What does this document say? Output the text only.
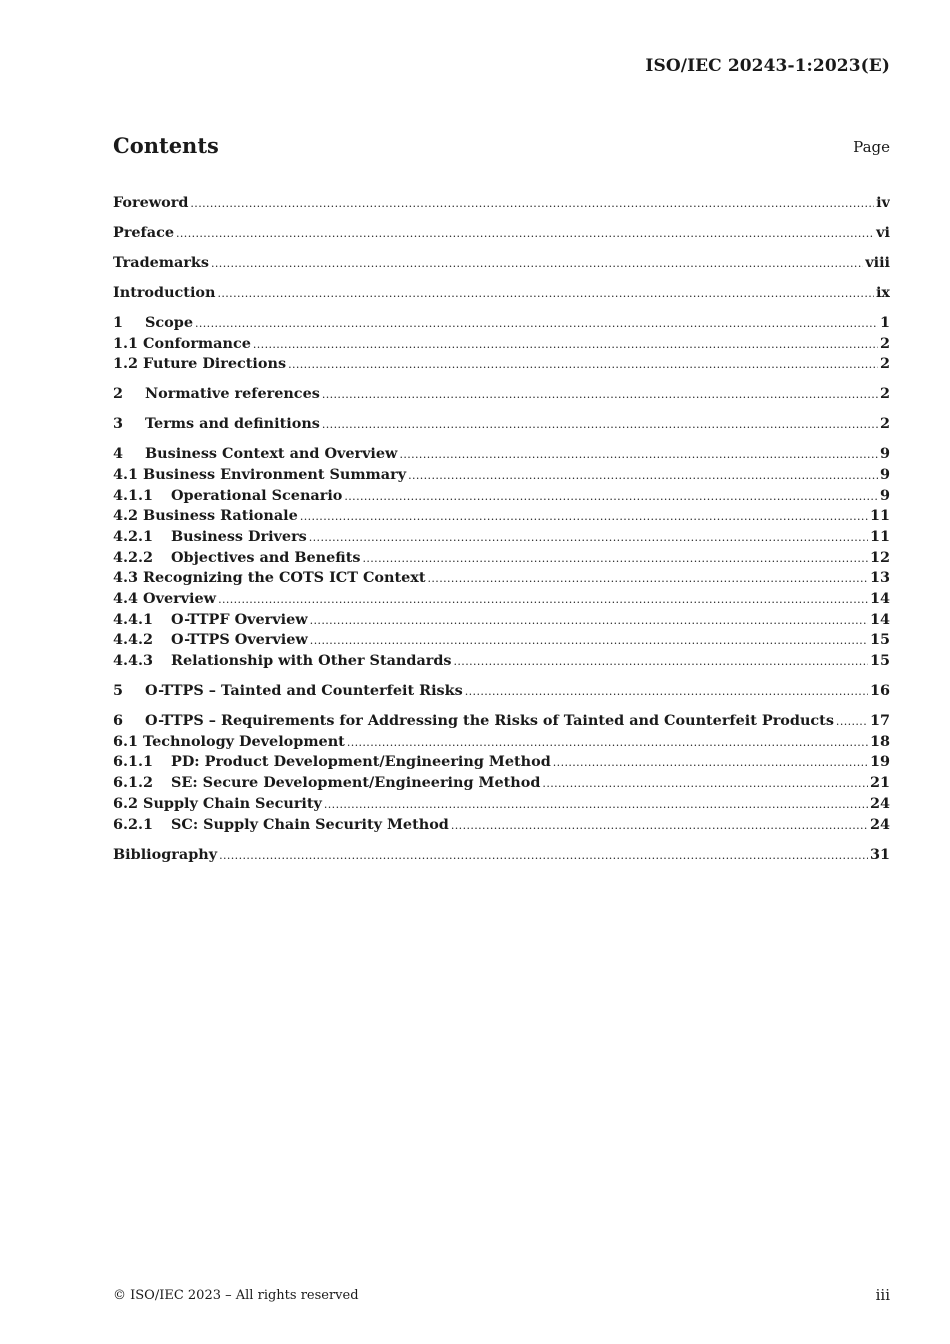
ISO/IEC 20243-1:2023(E)
Contents	Page
Foreword .....	iv
Preface .....	vi
Trademarks .....	viii
Introduction .....	ix
1	Scope .....	1
1.1 Conformance .....	2
1.2 Future Directions .....	2
2	Normative references .....	2
3	Terms and definitions .....	2
4	Business Context and Overview .....	9
4.1 Business Environment Summary .....	9
4.1.1	Operational Scenario .....	9
4.2 Business Rationale .....	11
4.2.1	Business Drivers .....	11
4.2.2	Objectives and Benefits .....	12
4.3 Recognizing the COTS ICT Context .....	13
4.4 Overview .....	14
4.4.1	O-TTPF Overview .....	14
4.4.2	O-TTPS Overview .....	15
4.4.3	Relationship with Other Standards .....	15
5	O-TTPS – Tainted and Counterfeit Risks .....	16
6	O-TTPS – Requirements for Addressing the Risks of Tainted and Counterfeit Products .....	17
6.1 Technology Development .....	18
6.1.1	PD: Product Development/Engineering Method .....	19
6.1.2	SE: Secure Development/Engineering Method .....	21
6.2 Supply Chain Security .....	24
6.2.1	SC: Supply Chain Security Method .....	24
Bibliography .....	31
© ISO/IEC 2023 – All rights reserved	iii
